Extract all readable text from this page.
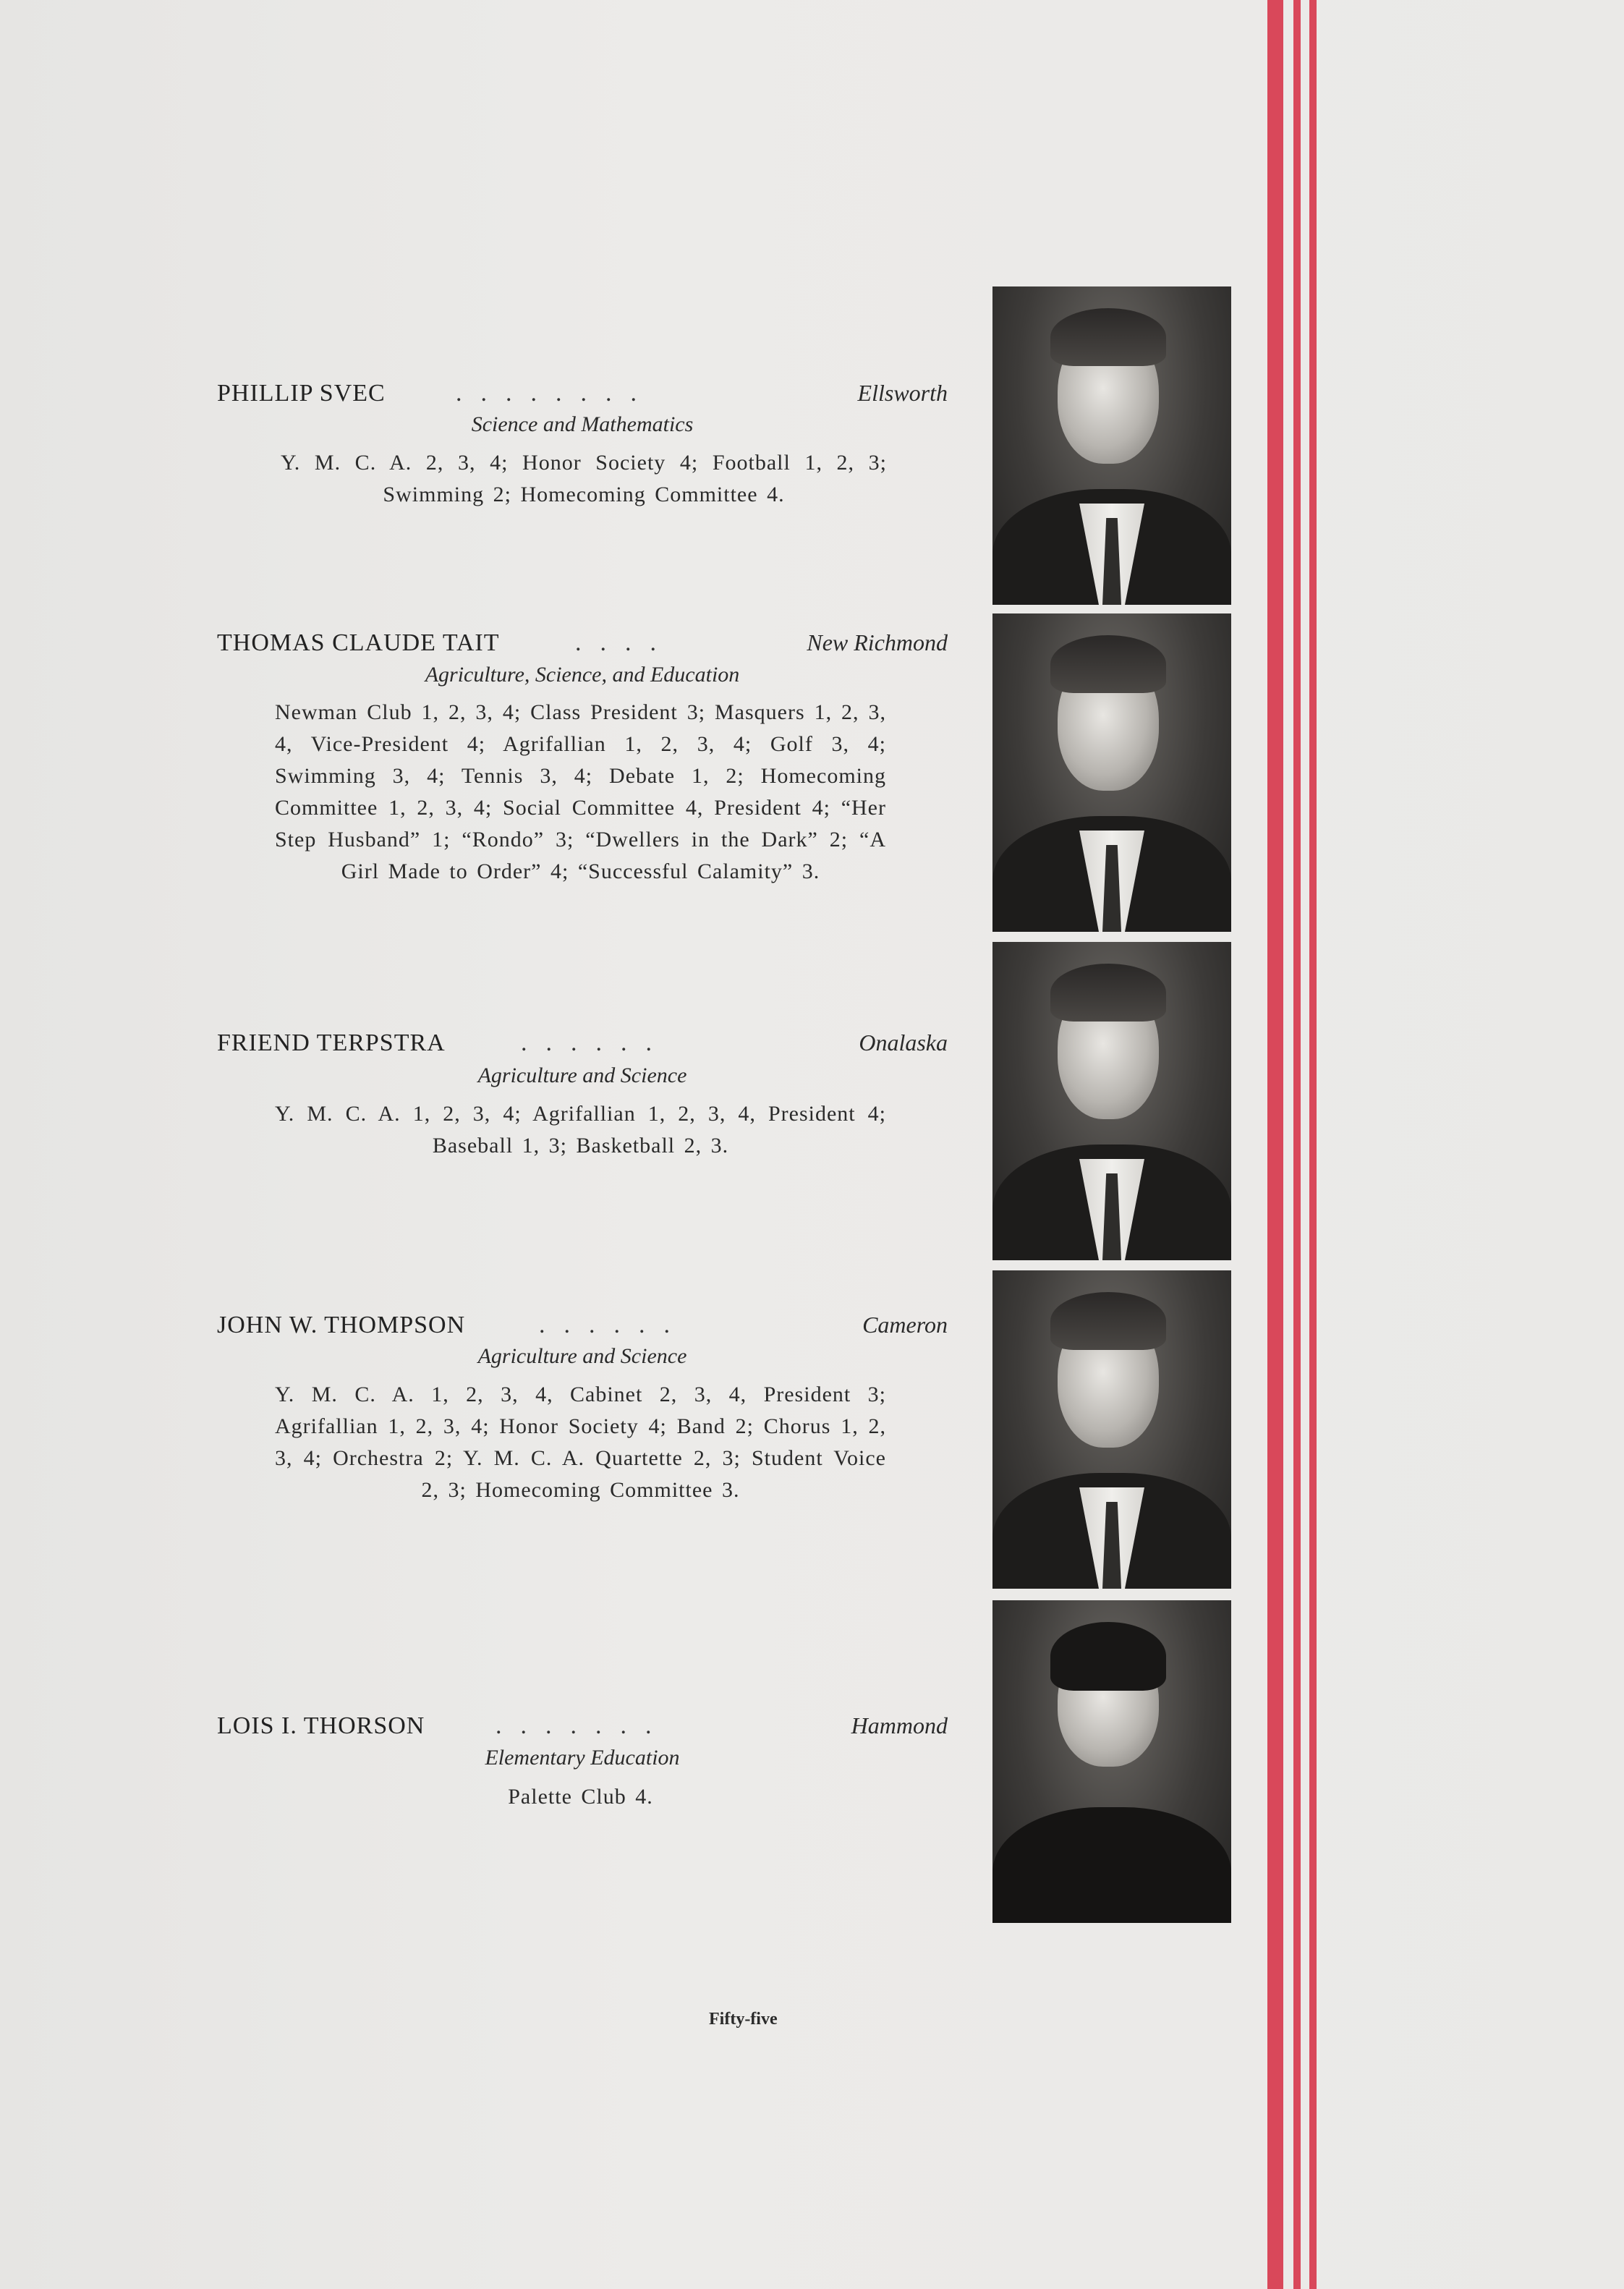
PHILLIP SVEC	........	Ellsworth
Science and Mathematics
Y. M. C. A. 2, 3, 4; Honor Society 4; Football 1, 2, 3; Swimming 2; Homecoming Committee 4.
THOMAS CLAUDE TAIT	....	New Richmond
Agriculture, Science, and Education
Newman Club 1, 2, 3, 4; Class President 3; Masquers 1, 2, 3, 4, Vice-President 4; Agrifallian 1, 2, 3, 4; Golf 3, 4; Swimming 3, 4; Tennis 3, 4; Debate 1, 2; Homecoming Committee 1, 2, 3, 4; Social Committee 4, President 4; “Her Step Husband” 1; “Rondo” 3; “Dwellers in the Dark” 2; “A Girl Made to Order” 4; “Successful Calamity” 3.
FRIEND TERPSTRA	......	Onalaska
Agriculture and Science
Y. M. C. A. 1, 2, 3, 4; Agrifallian 1, 2, 3, 4, President 4; Baseball 1, 3; Basketball 2, 3.
JOHN W. THOMPSON	......	Cameron
Agriculture and Science
Y. M. C. A. 1, 2, 3, 4, Cabinet 2, 3, 4, President 3; Agrifallian 1, 2, 3, 4; Honor Society 4; Band 2; Chorus 1, 2, 3, 4; Orchestra 2; Y. M. C. A. Quartette 2, 3; Student Voice 2, 3; Homecoming Committee 3.
LOIS I. THORSON	.......	Hammond
Elementary Education
Palette Club 4.
Fifty-five
